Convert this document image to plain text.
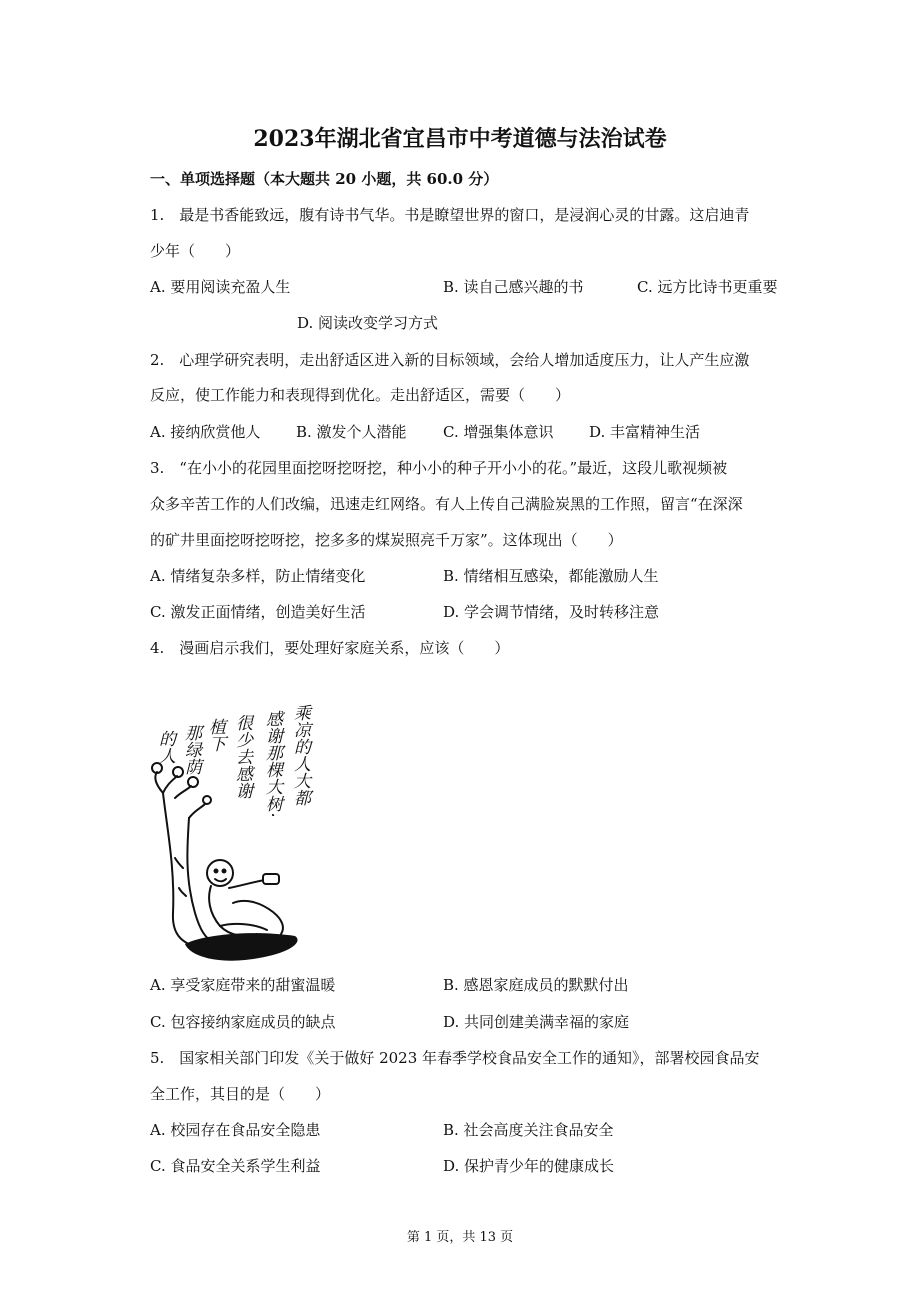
2023年湖北省宜昌市中考道德与法治试卷
一、单项选择题（本大题共 20 小题，共 60.0 分）
1.　最是书香能致远，腹有诗书气华。书是瞭望世界的窗口，是浸润心灵的甘露。这启迪青
少年（　　）
A. 要用阅读充盈人生	B. 读自己感兴趣的书	C. 远方比诗书更重要
D. 阅读改变学习方式
2.　心理学研究表明，走出舒适区进入新的目标领域，会给人增加适度压力，让人产生应激
反应，使工作能力和表现得到优化。走出舒适区，需要（　　）
A. 接纳欣赏他人 B. 激发个人潜能 C. 增强集体意识 D. 丰富精神生活
3.　“在小小的花园里面挖呀挖呀挖，种小小的种子开小小的花。”最近，这段儿歌视频被
众多辛苦工作的人们改编，迅速走红网络。有人上传自己满脸炭黑的工作照，留言“在深深
的矿井里面挖呀挖呀挖，挖多多的煤炭照亮千万家”。这体现出（　　）
A. 情绪复杂多样，防止情绪变化	B. 情绪相互感染，都能激励人生
C. 激发正面情绪，创造美好生活	D. 学会调节情绪，及时转移注意
4.　漫画启示我们，要处理好家庭关系，应该（　　）
乘凉的人大都
感谢那棵大树·
很少去感谢
植下
那绿荫
的人
A. 享受家庭带来的甜蜜温暖	B. 感恩家庭成员的默默付出
C. 包容接纳家庭成员的缺点	D. 共同创建美满幸福的家庭
5.　国家相关部门印发《关于做好 2023 年春季学校食品安全工作的通知》，部署校园食品安
全工作，其目的是（　　）
A. 校园存在食品安全隐患	B. 社会高度关注食品安全
C. 食品安全关系学生利益	D. 保护青少年的健康成长
第 1 页，共 13 页
